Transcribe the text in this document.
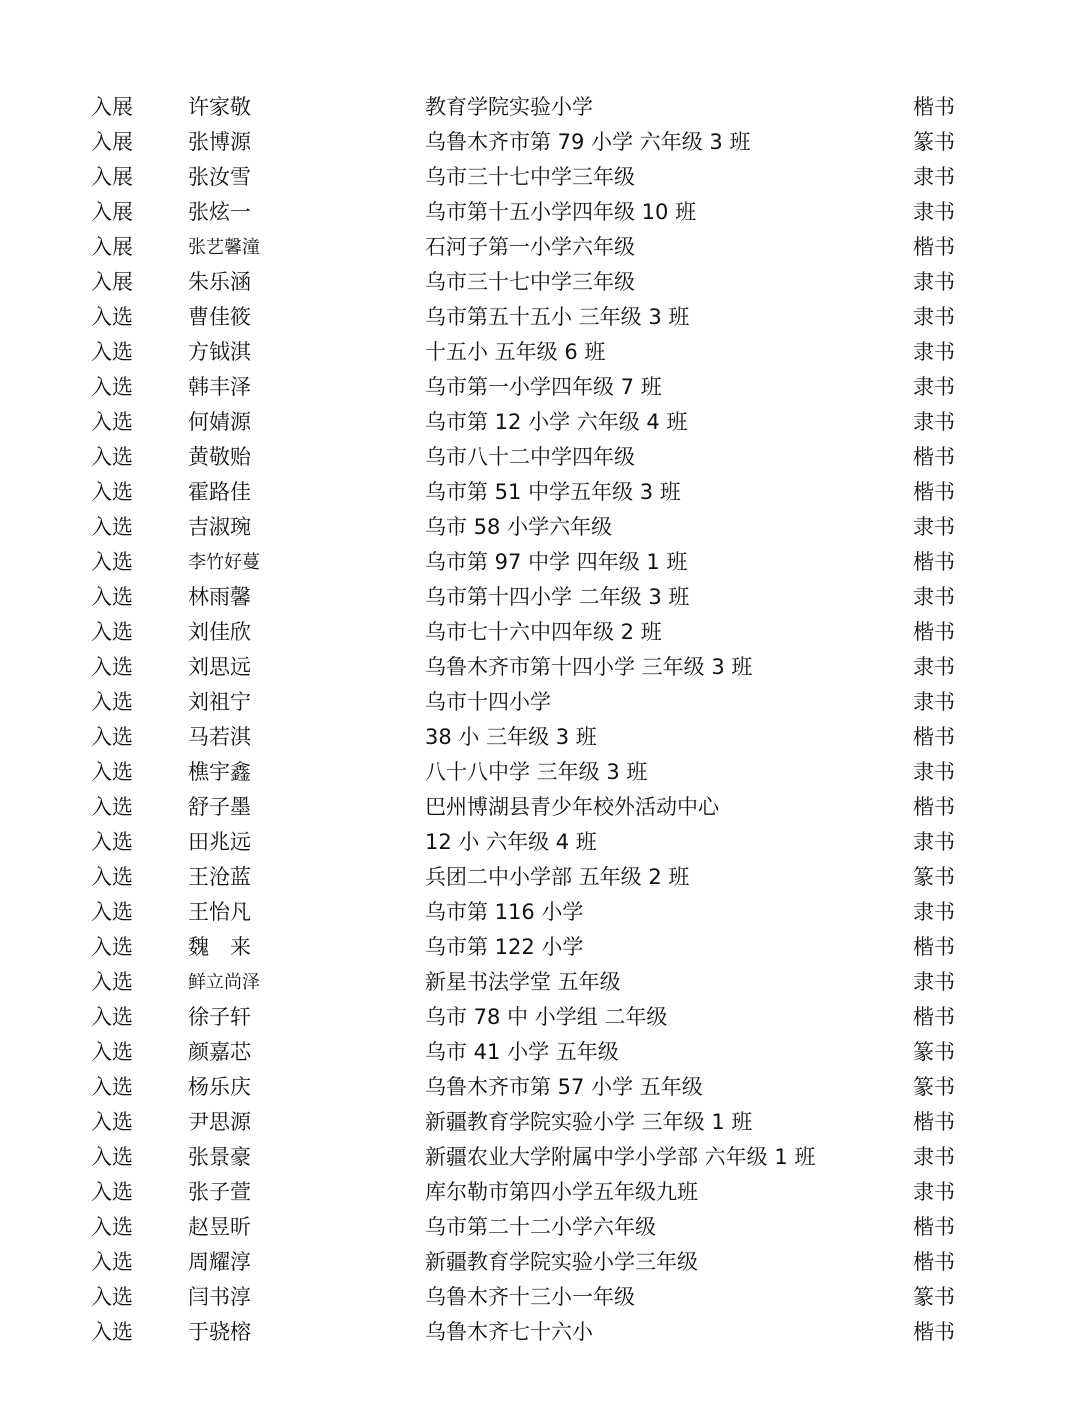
入展	许家敬	教育学院实验小学	楷书
入展	张博源	乌鲁木齐市第 79 小学 六年级 3 班	篆书
入展	张汝雪	乌市三十七中学三年级	隶书
入展	张炫一	乌市第十五小学四年级 10 班	隶书
入展	张艺馨潼	石河子第一小学六年级	楷书
入展	朱乐涵	乌市三十七中学三年级	隶书
入选	曹佳筱	乌市第五十五小 三年级 3 班	隶书
入选	方钺淇	十五小 五年级 6 班	隶书
入选	韩丰泽	乌市第一小学四年级 7 班	隶书
入选	何婧源	乌市第 12 小学 六年级 4 班	隶书
入选	黄敬贻	乌市八十二中学四年级	楷书
入选	霍路佳	乌市第 51 中学五年级 3 班	楷书
入选	吉淑琬	乌市 58 小学六年级	隶书
入选	李竹好蔓	乌市第 97 中学 四年级 1 班	楷书
入选	林雨馨	乌市第十四小学 二年级 3 班	隶书
入选	刘佳欣	乌市七十六中四年级 2 班	楷书
入选	刘思远	乌鲁木齐市第十四小学 三年级 3 班	隶书
入选	刘祖宁	乌市十四小学	隶书
入选	马若淇	38 小 三年级 3 班	楷书
入选	樵宇鑫	八十八中学 三年级 3 班	隶书
入选	舒子墨	巴州博湖县青少年校外活动中心	楷书
入选	田兆远	12 小 六年级 4 班	隶书
入选	王沧蓝	兵团二中小学部 五年级 2 班	篆书
入选	王怡凡	乌市第 116 小学	隶书
入选	魏　来	乌市第 122 小学	楷书
入选	鲜立尚泽	新星书法学堂 五年级	隶书
入选	徐子轩	乌市 78 中 小学组 二年级	楷书
入选	颜嘉芯	乌市 41 小学 五年级	篆书
入选	杨乐庆	乌鲁木齐市第 57 小学 五年级	篆书
入选	尹思源	新疆教育学院实验小学 三年级 1 班	楷书
入选	张景豪	新疆农业大学附属中学小学部 六年级 1 班	隶书
入选	张子萱	库尔勒市第四小学五年级九班	隶书
入选	赵昱昕	乌市第二十二小学六年级	楷书
入选	周耀淳	新疆教育学院实验小学三年级	楷书
入选	闫书淳	乌鲁木齐十三小一年级	篆书
入选	于骁榕	乌鲁木齐七十六小	楷书
